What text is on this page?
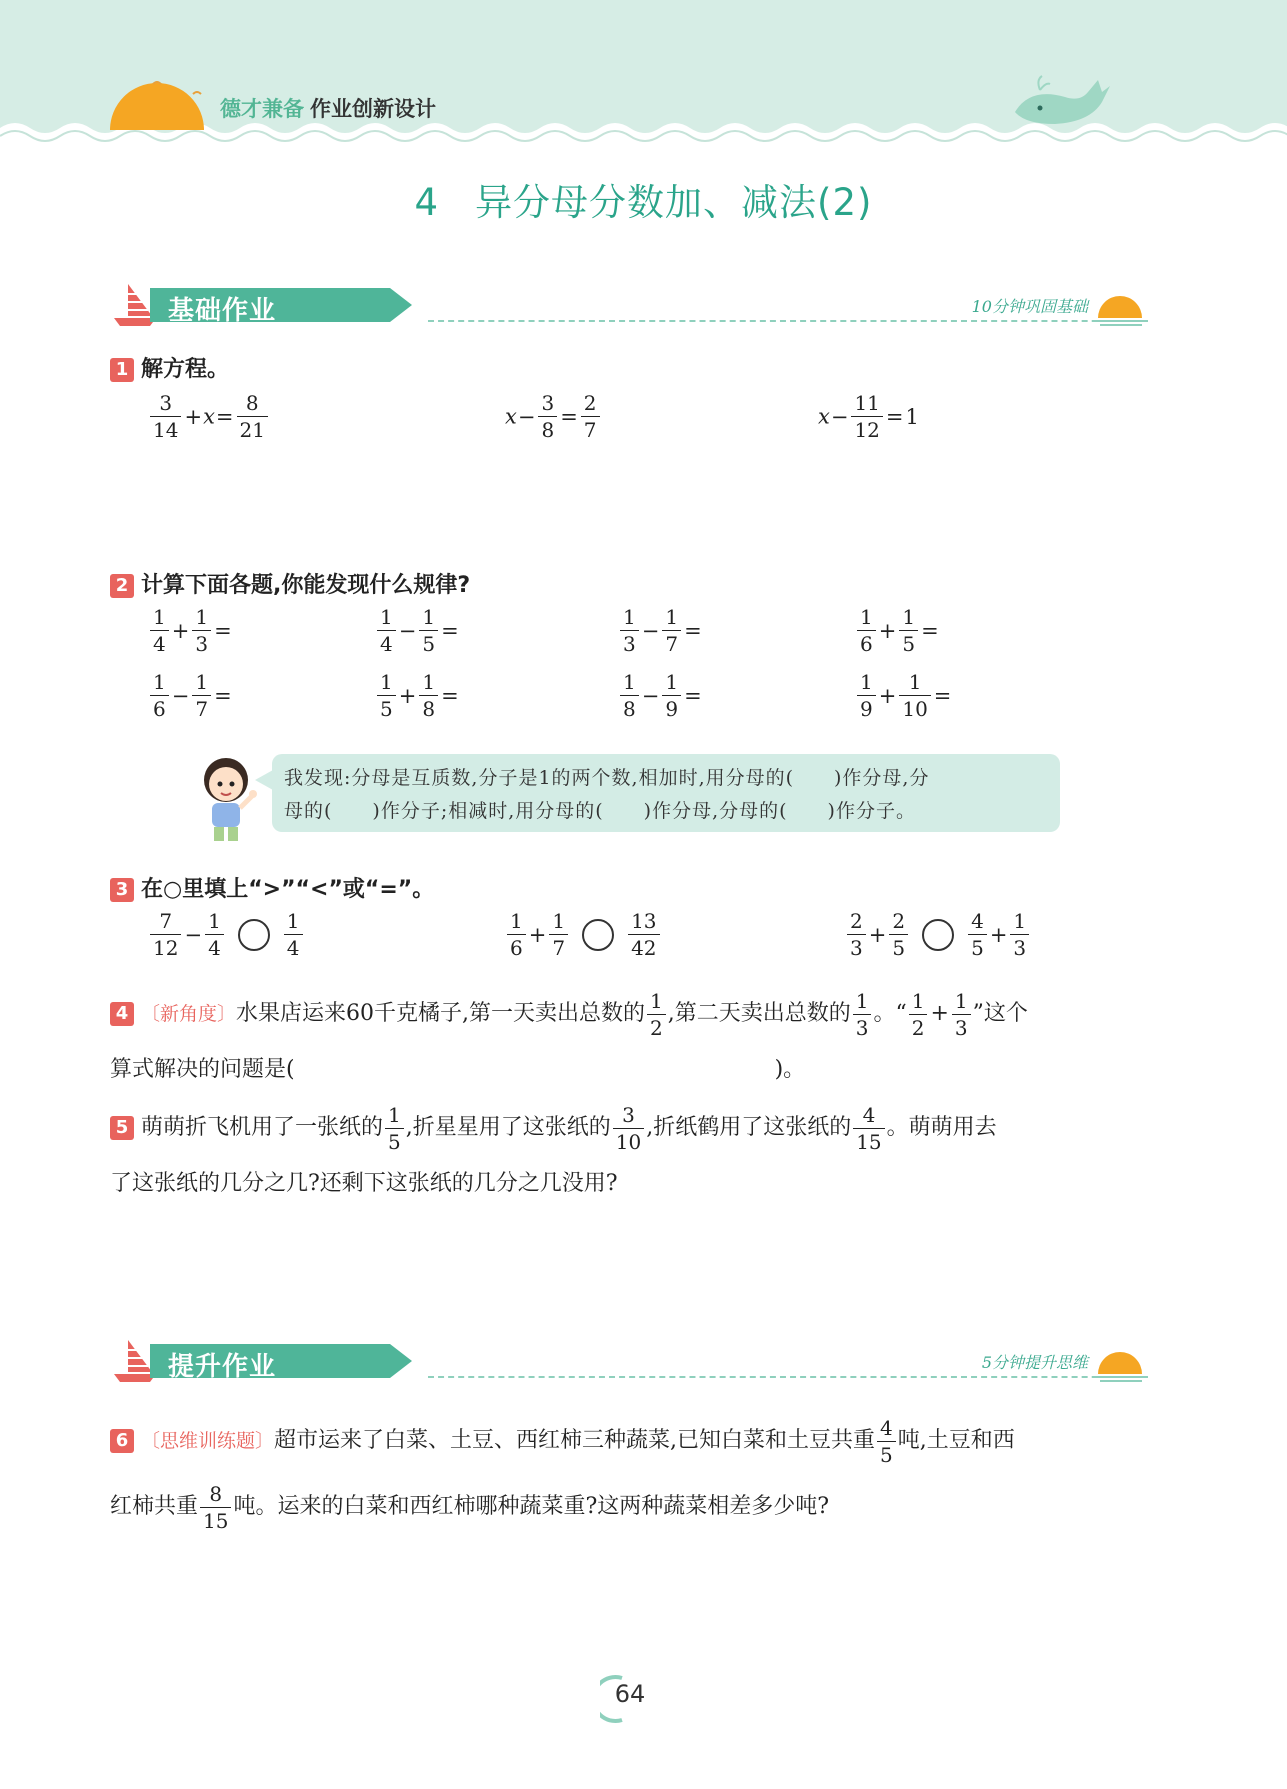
德才兼备 作业创新设计
4 异分母分数加、减法(2)
基础作业	10分钟巩固基础
1 解方程。
$\frac{3}{14} +x= \frac{8}{21}$	$x- \frac{3}{8} = \frac{2}{7}$	$x- \frac{11}{12} =1$
2 计算下面各题,你能发现什么规律?
$\frac{1}{4} + \frac{1}{3}$ =	$\frac{1}{4} - \frac{1}{5}$ =	$\frac{1}{3} - \frac{1}{7}$ =	$\frac{1}{6} + \frac{1}{5}$ =
$\frac{1}{6} - \frac{1}{7}$ =	$\frac{1}{5} + \frac{1}{8}$ =	$\frac{1}{8} - \frac{1}{9}$ =	$\frac{1}{9} + \frac{1}{10}$ =
我发现:分母是互质数,分子是1的两个数,相加时,用分母的(　　)作分母,分
母的(　　)作分子;相减时,用分母的(　　)作分母,分母的(　　)作分子。
3 在○里填上“>”“<”或“=”。
$\frac{7}{12} - \frac{1}{4}$	$\frac{1}{4}$	$\frac{1}{6} + \frac{1}{7}$	$\frac{13}{42}$	$\frac{2}{3} + \frac{2}{5}$	$\frac{4}{5} + \frac{1}{3}$
4 〔新角度〕水果店运来60千克橘子,第一天卖出总数的 $\frac{1}{2}$ ,第二天卖出总数的 $\frac{1}{3}$ 。“ $\frac{1}{2} + \frac{1}{3}$ ”这个
算式解决的问题是(	)。
5 萌萌折飞机用了一张纸的 $\frac{1}{5}$ ,折星星用了这张纸的 $\frac{3}{10}$ ,折纸鹤用了这张纸的 $\frac{4}{15}$ 。萌萌用去
了这张纸的几分之几?还剩下这张纸的几分之几没用?
提升作业	5分钟提升思维
6 〔思维训练题〕超市运来了白菜、土豆、西红柿三种蔬菜,已知白菜和土豆共重 $\frac{4}{5}$ 吨,土豆和西
红柿共重 $\frac{8}{15}$ 吨。运来的白菜和西红柿哪种蔬菜重?这两种蔬菜相差多少吨?
64
